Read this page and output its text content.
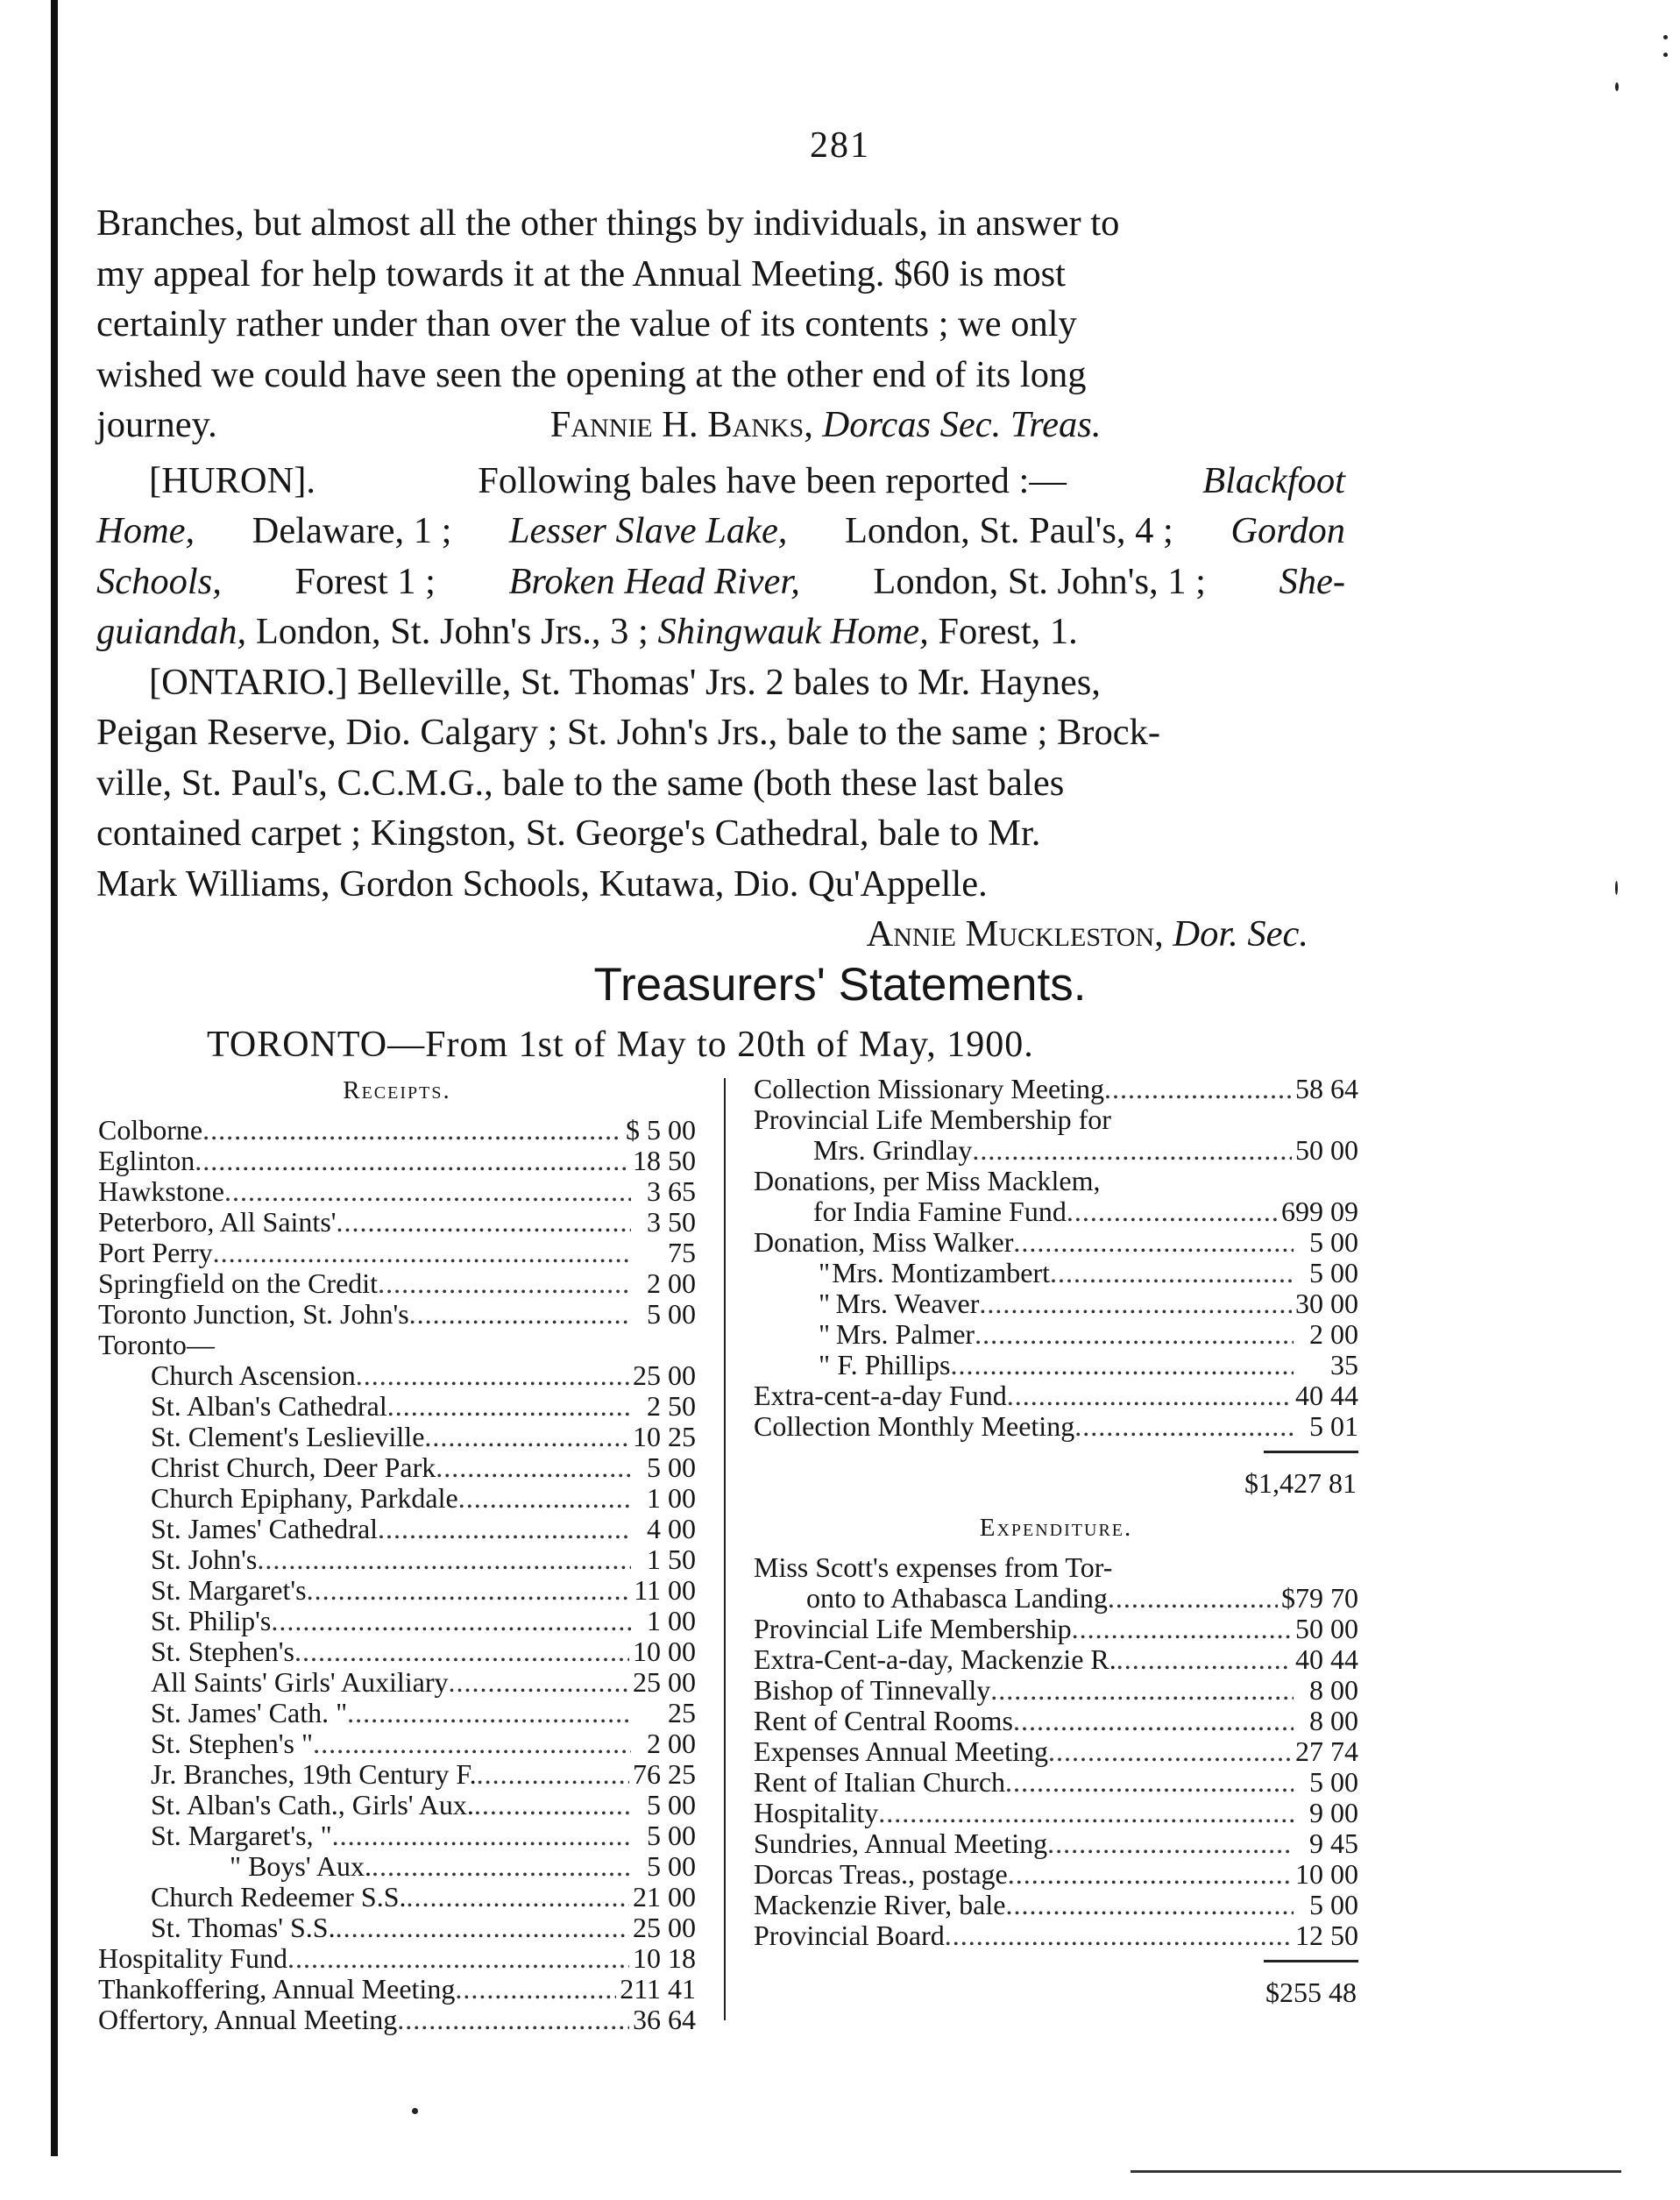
281
Branches, but almost all the other things by individuals, in answer to
my appeal for help towards it at the Annual Meeting. $60 is most
certainly rather under than over the value of its contents ; we only
wished we could have seen the opening at the other end of its long
journey.	Fannie H. Banks,
Dorcas Sec. Treas.
[HURON].	Following bales have been reported :—	Blackfoot
Home, Delaware, 1 ; Lesser Slave Lake, London, St. Paul's, 4 ; Gordon
Schools, Forest 1 ; Broken Head River, London, St. John's, 1 ; She-
guiandah,
London, St. John's Jrs., 3 ;
Shingwauk Home,
Forest, 1.
[ONTARIO.] Belleville, St. Thomas' Jrs. 2 bales to Mr. Haynes,
Peigan Reserve, Dio. Calgary ; St. John's Jrs., bale to the same ; Brock-
ville, St. Paul's, C.C.M.G., bale to the same (both these last bales
contained carpet ; Kingston, St. George's Cathedral, bale to Mr.
Mark Williams, Gordon Schools, Kutawa, Dio. Qu'Appelle.
Annie Muckleston,
Dor. Sec.
Treasurers' Statements.
TORONTO—From 1st of May to 20th of May, 1900.
Receipts.
Colborne .....	$ 5 00
Eglinton .....	18 50
Hawkstone .....	3 65
Peterboro, All Saints' .....	3 50
Port Perry .....	75
Springfield on the Credit .....	2 00
Toronto Junction, St. John's .....	5 00
Toronto—
Church Ascension .....	25 00
St. Alban's Cathedral .....	2 50
St. Clement's Leslieville .....	10 25
Christ Church, Deer Park .....	5 00
Church Epiphany, Parkdale .....	1 00
St. James' Cathedral .....	4 00
St. John's .....	1 50
St. Margaret's .....	11 00
St. Philip's .....	1 00
St. Stephen's .....	10 00
All Saints' Girls' Auxiliary .....	25 00
St. James' Cath. " .....	25
St. Stephen's " .....	2 00
Jr. Branches, 19th Century F. .....	76 25
St. Alban's Cath., Girls' Aux. .....	5 00
St. Margaret's, " .....	5 00
" Boys' Aux. .....	5 00
Church Redeemer S.S. .....	21 00
St. Thomas' S.S. .....	25 00
Hospitality Fund .....	10 18
Thankoffering, Annual Meeting .....	211 41
Offertory, Annual Meeting .....	36 64
Collection Missionary Meeting .....	58 64
Provincial Life Membership for
Mrs. Grindlay .....	50 00
Donations, per Miss Macklem,
for India Famine Fund .....	699 09
Donation, Miss Walker .....	5 00
" Mrs. Montizambert .....	5 00
" Mrs. Weaver .....	30 00
" Mrs. Palmer .....	2 00
" F. Phillips .....	35
Extra-cent-a-day Fund .....	40 44
Collection Monthly Meeting .....	5 01
$1,427 81
Expenditure.
Miss Scott's expenses from Tor-
onto to Athabasca Landing .....	$79 70
Provincial Life Membership .....	50 00
Extra-Cent-a-day, Mackenzie R. .....	40 44
Bishop of Tinnevally .....	8 00
Rent of Central Rooms .....	8 00
Expenses Annual Meeting .....	27 74
Rent of Italian Church .....	5 00
Hospitality .....	9 00
Sundries, Annual Meeting .....	9 45
Dorcas Treas., postage .....	10 00
Mackenzie River, bale .....	5 00
Provincial Board .....	12 50
$255 48
